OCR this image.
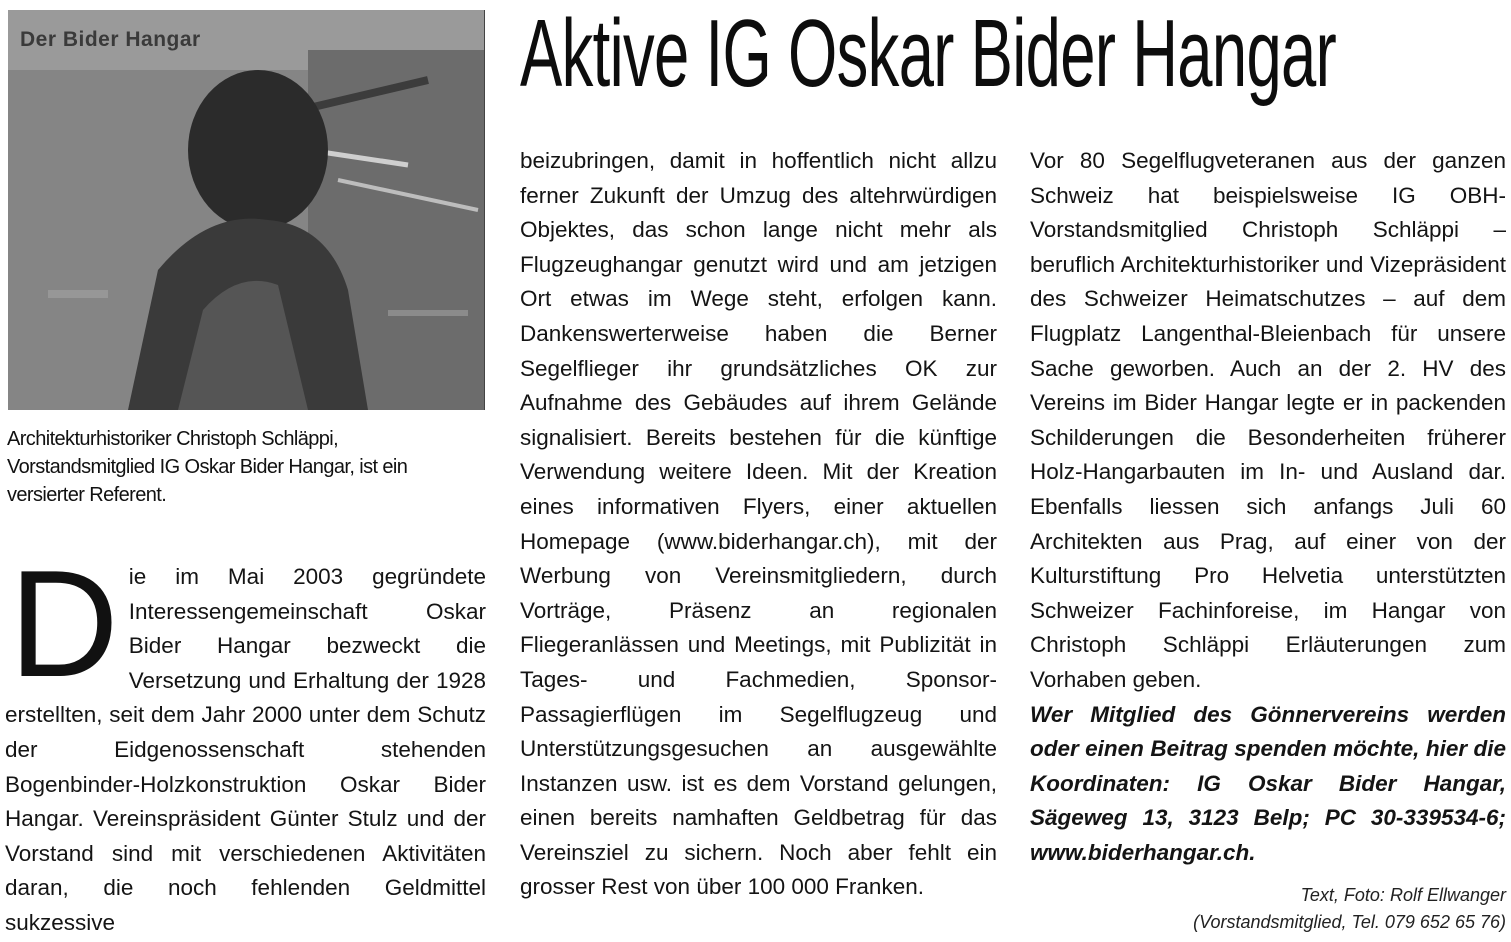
Der Bider Hangar

Architekturhistoriker Christoph Schläppi, Vorstandsmitglied IG Oskar Bider Hangar, ist ein versierter Referent.

Aktive IG Oskar Bider Hangar
D ie im Mai 2003 gegründete Interessengemeinschaft Oskar Bider Hangar bezweckt die Versetzung und Erhaltung der 1928 erstellten, seit dem Jahr 2000 unter dem Schutz der Eidgenossenschaft stehenden Bogenbinder-Holzkonstruktion Oskar Bider Hangar. Vereinspräsident Günter Stulz und der Vorstand sind mit verschiedenen Aktivitäten daran, die noch fehlenden Geldmittel sukzessive

beizubringen, damit in hoffentlich nicht allzu ferner Zukunft der Umzug des altehrwürdigen Objektes, das schon lange nicht mehr als Flugzeughangar genutzt wird und am jetzigen Ort etwas im Wege steht, erfolgen kann. Dankenswerterweise haben die Berner Segelflieger ihr grundsätzliches OK zur Aufnahme des Gebäudes auf ihrem Gelände signalisiert. Bereits bestehen für die künftige Verwendung weitere Ideen. Mit der Kreation eines informativen Flyers, einer aktuellen Homepage (www.biderhangar.ch), mit der Werbung von Vereinsmitgliedern, durch Vorträge, Präsenz an regionalen Fliegeranlässen und Meetings, mit Publizität in Tages- und Fachmedien, Sponsor-Passagierflügen im Segelflugzeug und Unterstützungsgesuchen an ausgewählte Instanzen usw. ist es dem Vorstand gelungen, einen bereits namhaften Geldbetrag für das Vereinsziel zu sichern. Noch aber fehlt ein grosser Rest von über 100 000 Franken.

Vor 80 Segelflugveteranen aus der ganzen Schweiz hat beispielsweise IG OBH-Vorstandsmitglied Christoph Schläppi – beruflich Architekturhistoriker und Vizepräsident des Schweizer Heimatschutzes – auf dem Flugplatz Langenthal-Bleienbach für unsere Sache geworben. Auch an der 2. HV des Vereins im Bider Hangar legte er in packenden Schilderungen die Besonderheiten früherer Holz-Hangarbauten im In- und Ausland dar. Ebenfalls liessen sich anfangs Juli 60 Architekten aus Prag, auf einer von der Kulturstiftung Pro Helvetia unterstützten Schweizer Fachinforeise, im Hangar von Christoph Schläppi Erläuterungen zum Vorhaben geben.

Wer Mitglied des Gönnervereins werden oder einen Beitrag spenden möchte, hier die Koordinaten: IG Oskar Bider Hangar, Sägeweg 13, 3123 Belp; PC 30-339534-6; www.biderhangar.ch.

Text, Foto: Rolf Ellwanger
(Vorstandsmitglied, Tel. 079 652 65 76)
